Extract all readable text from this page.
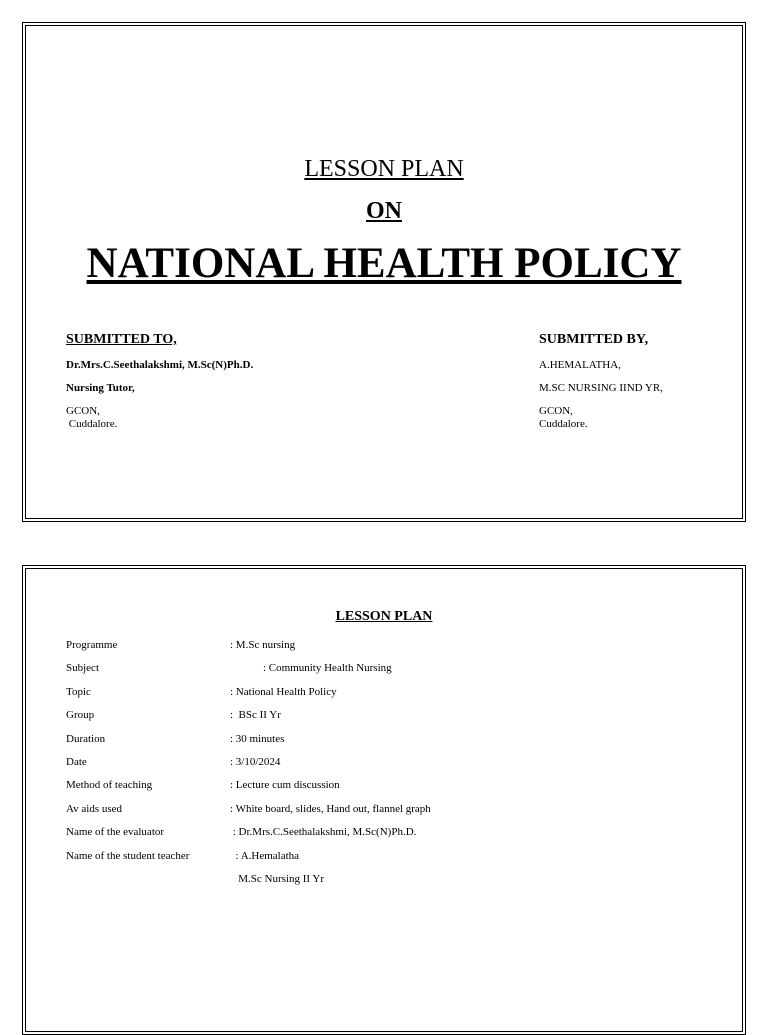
LESSON PLAN
ON
NATIONAL HEALTH POLICY
SUBMITTED TO,
Dr.Mrs.C.Seethalakshmi, M.Sc(N)Ph.D.
Nursing Tutor,
GCON,
Cuddalore.
SUBMITTED BY,
A.HEMALATHA,
M.SC NURSING IIND YR,
GCON,
Cuddalore.
LESSON PLAN
Programme	: M.Sc nursing
Subject	: Community Health Nursing
Topic	: National Health Policy
Group	:  BSc II Yr
Duration	: 30 minutes
Date	: 3/10/2024
Method of teaching	: Lecture cum discussion
Av aids used	: White board, slides, Hand out, flannel graph
Name of the evaluator	: Dr.Mrs.C.Seethalakshmi, M.Sc(N)Ph.D.
Name of the student teacher	: A.Hemalatha
M.Sc Nursing II Yr
